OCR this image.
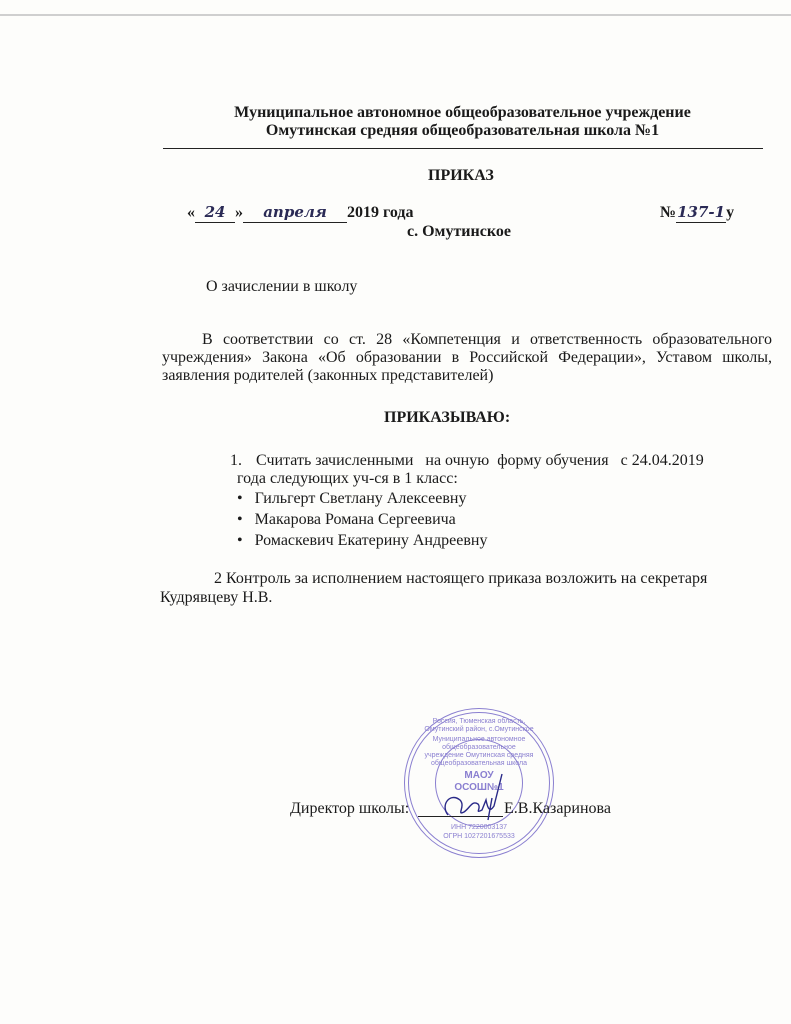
Муниципальное автономное общеобразовательное учреждение
Омутинская средняя общеобразовательная школа №1
ПРИКАЗ
« 24 » апреля 2019 года	№137-1у
с. Омутинское
О зачислении в школу
В соответствии со ст. 28 «Компетенция и ответственность образовательного учреждения» Закона «Об образовании в Российской Федерации», Уставом школы, заявления родителей (законных представителей)
ПРИКАЗЫВАЮ:
1. Считать зачисленными   на очную  форму обучения   с 24.04.2019
года следующих уч-ся в 1 класс:
•   Гильгерт Светлану Алексеевну
•   Макарова Романа Сергеевича
•   Ромаскевич Екатерину Андреевну
2 Контроль за исполнением настоящего приказа возложить на секретаря
Кудрявцеву Н.В.
Россия, Тюменская область, Омутинский район, с.Омутинское
Муниципальное автономное общеобразовательное учреждение Омутинская средняя общеобразовательная школа
МАОУ
ОСОШ№1
ИНН 7220003137
ОГРН 1027201675533
Директор школы:	Е.В.Казаринова
